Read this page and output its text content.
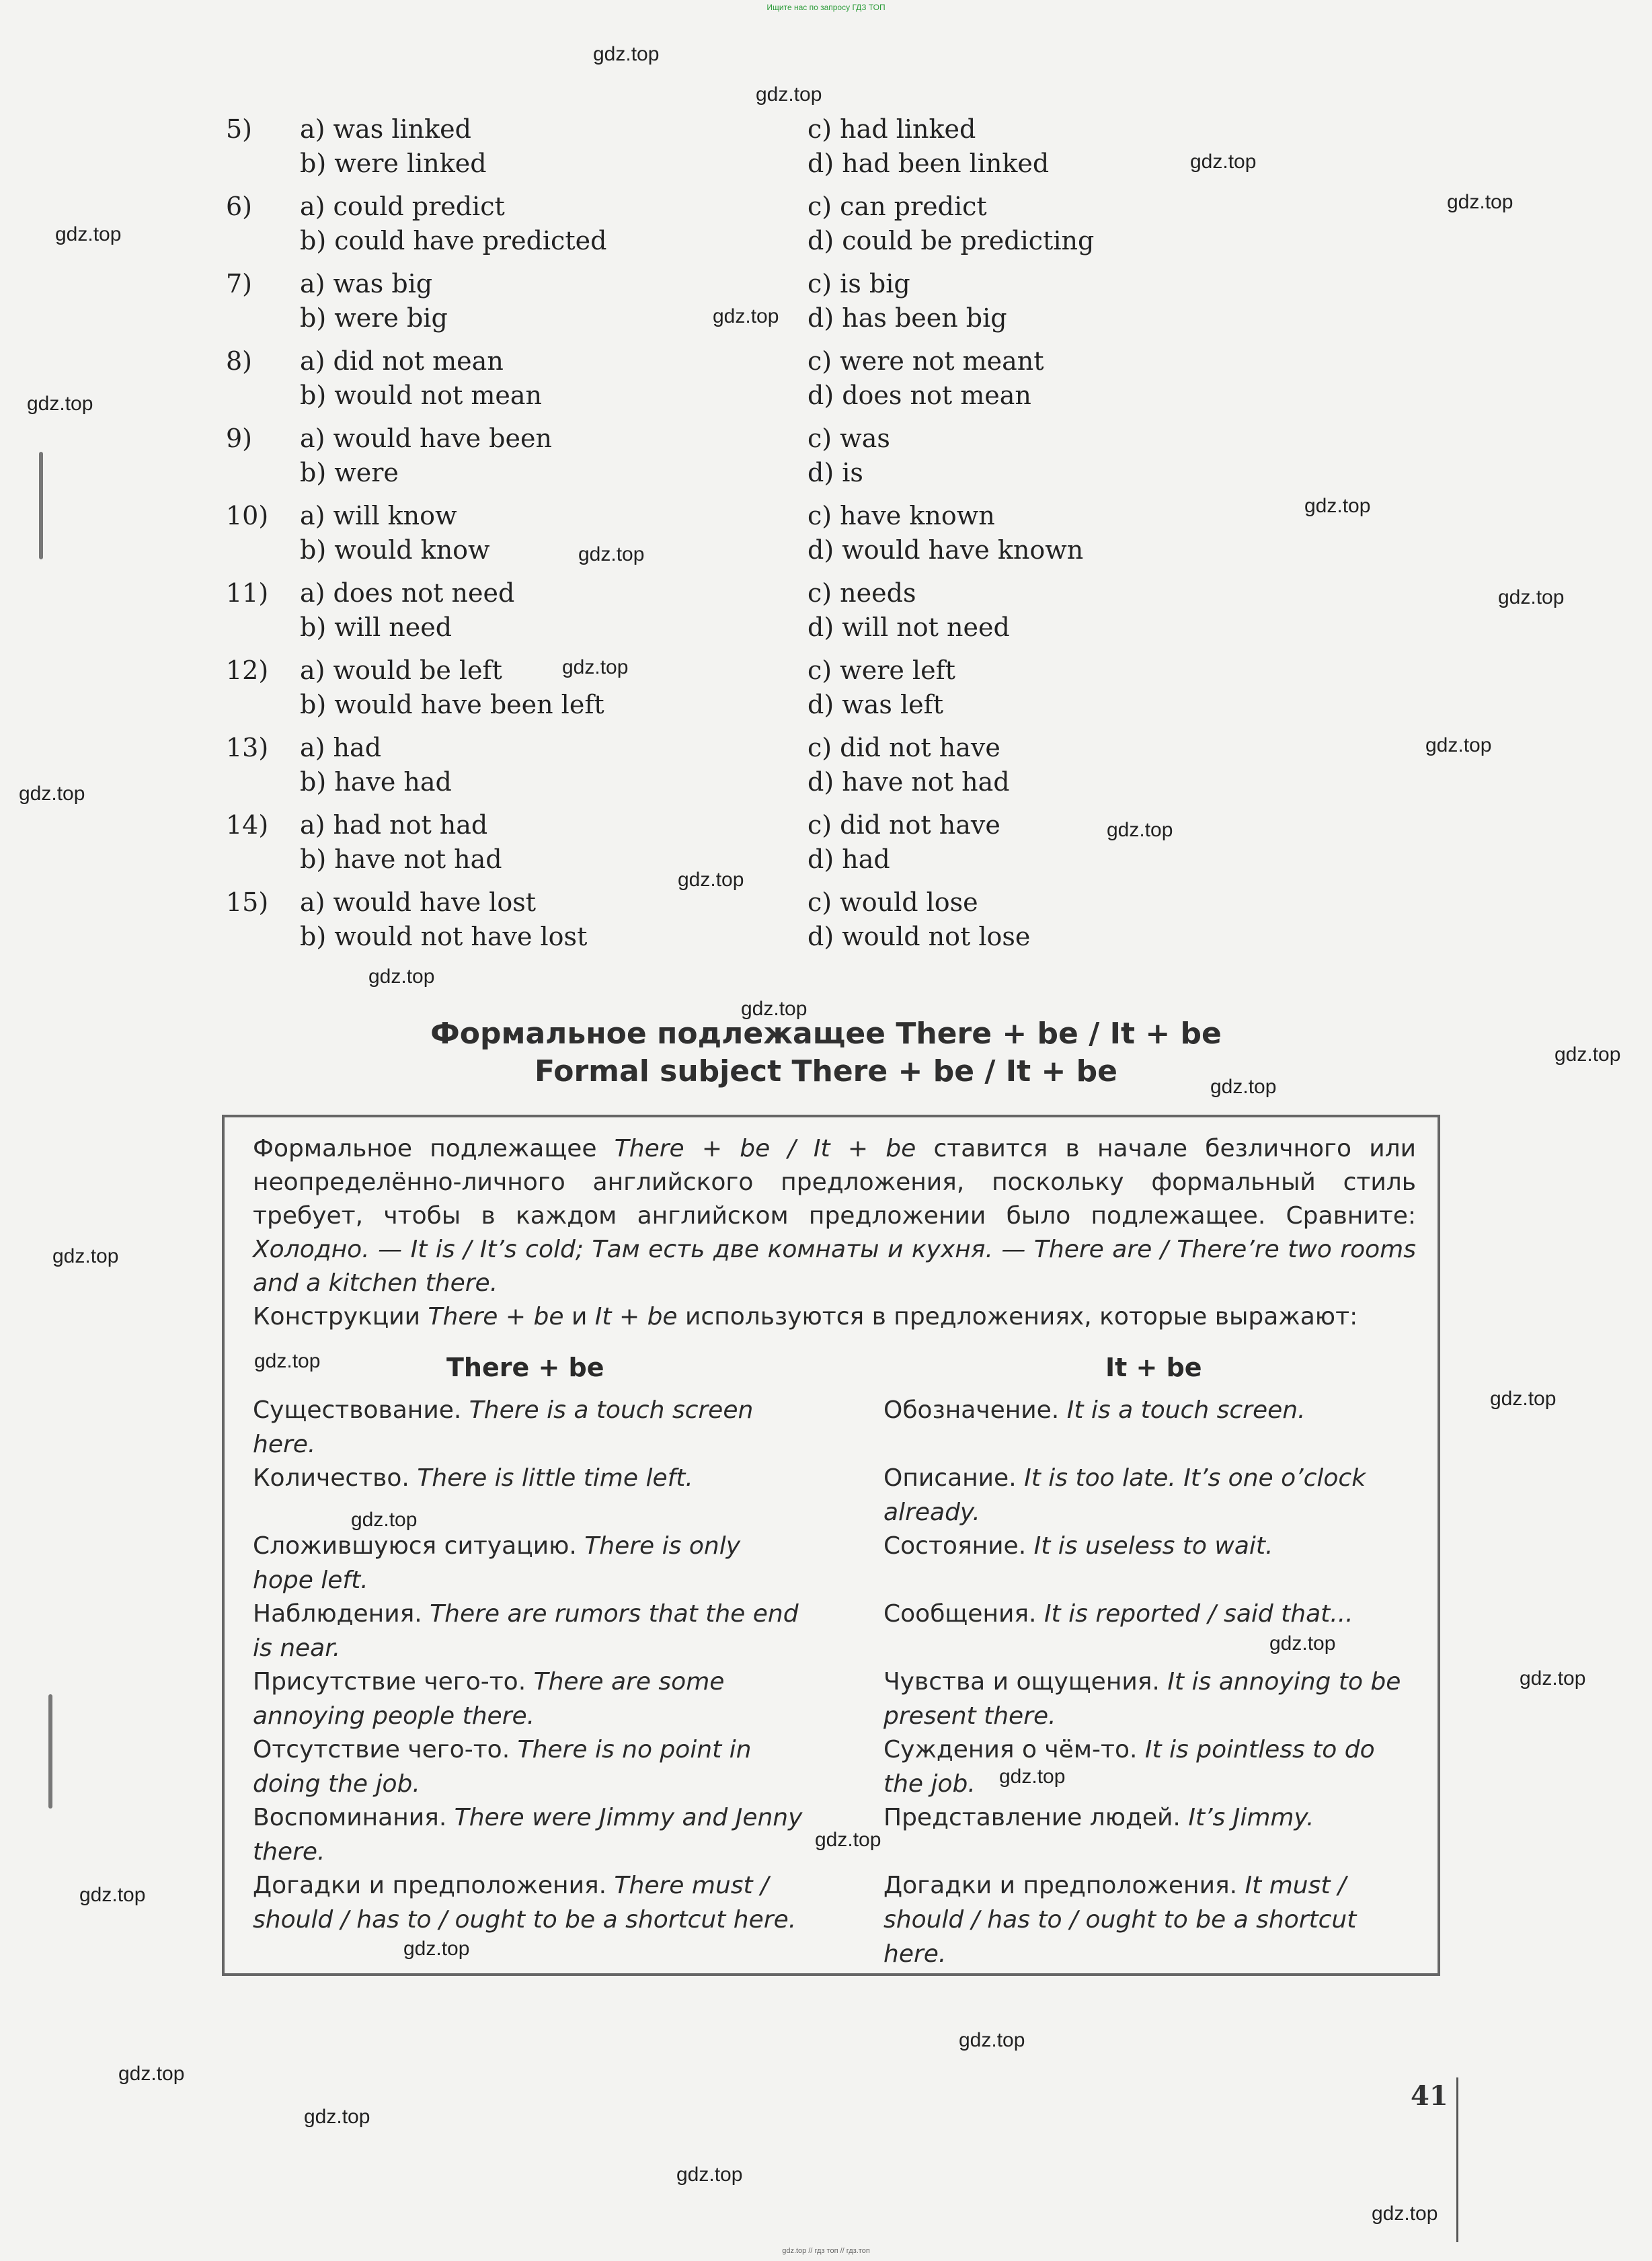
Ищите нас по запросу ГДЗ ТОП
5) a) was linked
b) were linked
c) had linked
d) had been linked
6) a) could predict
b) could have predicted
c) can predict
d) could be predicting
7) a) was big
b) were big
c) is big
d) has been big
8) a) did not mean
b) would not mean
c) were not meant
d) does not mean
9) a) would have been
b) were
c) was
d) is
10) a) will know
b) would know
c) have known
d) would have known
11) a) does not need
b) will need
c) needs
d) will not need
12) a) would be left
b) would have been left
c) were left
d) was left
13) a) had
b) have had
c) did not have
d) have not had
14) a) had not had
b) have not had
c) did not have
d) had
15) a) would have lost
b) would not have lost
c) would lose
d) would not lose
Формальное подлежащее There + be / It + be
Formal subject There + be / It + be

Формальное подлежащее There + be / It + be ставится в начале безличного или неопределённо-личного английского предложения, поскольку формальный стиль требует, чтобы в каждом английском предложении было подлежащее. Сравните: Холодно. — It is / It’s cold; Там есть две комнаты и кухня. — There are / There’re two rooms and a kitchen there.

Конструкции There + be и It + be используются в предложениях, которые выражают:

There + be	It + be
Существование. There is a touch screen here.
Обозначение. It is a touch screen.
Количество. There is little time left.	Описание. It is too late. It’s one o’clock already.
Сложившуюся ситуацию. There is only hope left.
Состояние. It is useless to wait.
Наблюдения. There are rumors that the end is near.
Сообщения. It is reported / said that...
Присутствие чего-то. There are some annoying people there.
Чувства и ощущения. It is annoying to be present there.
Отсутствие чего-то. There is no point in doing the job.
Суждения о чём-то. It is pointless to do the job.
Воспоминания. There were Jimmy and Jenny there.
Представление людей. It’s Jimmy.
Догадки и предположения. There must / should / has to / ought to be a shortcut here.
Догадки и предположения. It must / should / has to / ought to be a shortcut here.
41
gdz.top
gdz.top
gdz.top
gdz.top
gdz.top
gdz.top
gdz.top
gdz.top
gdz.top
gdz.top
gdz.top
gdz.top
gdz.top
gdz.top
gdz.top
gdz.top
gdz.top
gdz.top
gdz.top
gdz.top
gdz.top
gdz.top
gdz.top
gdz.top
gdz.top
gdz.top
gdz.top
gdz.top
gdz.top
gdz.top
gdz.top
gdz.top
gdz.top
gdz.top
gdz.top // гдз топ // гдз.топ
